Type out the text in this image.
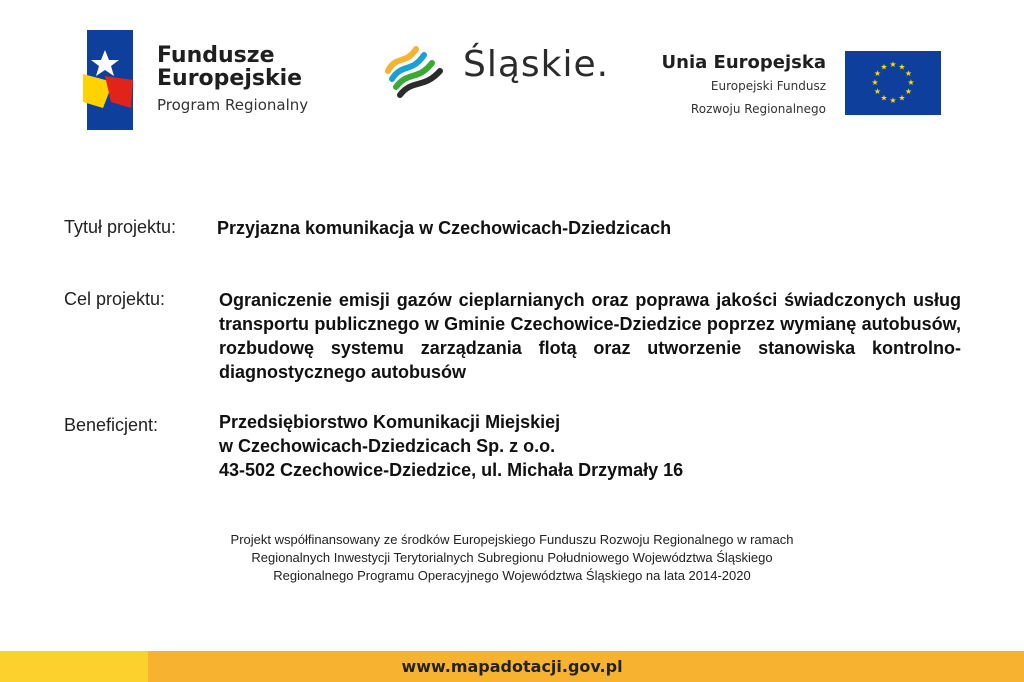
Fundusze
Europejskie
Program Regionalny
Śląskie.	Unia Europejska
Europejski Fundusz
Rozwoju Regionalnego
★ ★
★
★
★
★
★
★
★
★
★
★
Tytuł projektu: Przyjazna komunikacja w Czechowicach-Dziedzicach
Cel projektu:	Ograniczenie emisji gazów cieplarnianych oraz poprawa jakości świadczonych usług transportu publicznego w Gminie Czechowice-Dziedzice poprzez wymianę autobusów, rozbudowę systemu zarządzania flotą oraz utworzenie stanowiska kontrolno-diagnostycznego autobusów
Beneficjent:	Przedsiębiorstwo Komunikacji Miejskiej
w Czechowicach-Dziedzicach Sp. z o.o.
43-502 Czechowice-Dziedzice, ul. Michała Drzymały 16
Projekt współfinansowany ze środków Europejskiego Funduszu Rozwoju Regionalnego w ramach
Regionalnych Inwestycji Terytorialnych Subregionu Południowego Województwa Śląskiego
Regionalnego Programu Operacyjnego Województwa Śląskiego na lata 2014-2020
www.mapadotacji.gov.pl
